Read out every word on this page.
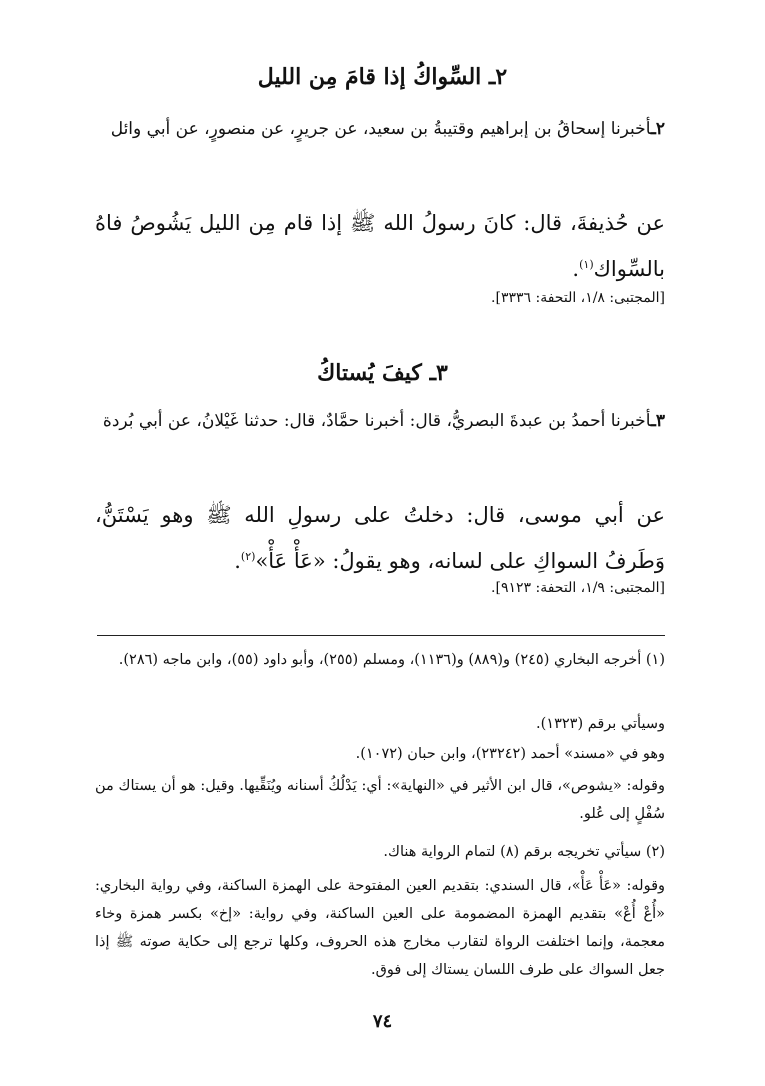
٢ـ السِّواكُ إذا قامَ مِن الليل

٢ـأخبرنا إسحاقُ بن إبراهيم وقتيبةُ بن سعيد، عن جريرٍ، عن منصورٍ، عن أبي وائل

عن حُذيفةَ، قال: كانَ رسولُ الله ﷺ إذا قام مِن الليل يَشُوصُ فاهُ بالسِّواك$^{(١)}$.

[المجتبى: ١/٨، التحفة: ٣٣٣٦].

٣ـ كيفَ يُستاكُ

٣ـأخبرنا أحمدُ بن عبدةَ البصريُّ، قال: أخبرنا حمَّادٌ، قال: حدثنا غَيْلانُ، عن أبي بُردة

عن أبي موسى، قال: دخلتُ على رسولِ الله ﷺ وهو يَسْتَنُّ، وَطَرفُ السواكِ على لسانه، وهو يقولُ: «عَأْ عَأْ»$^{(٢)}$.

[المجتبى: ١/٩، التحفة: ٩١٢٣].

(١) أخرجه البخاري (٢٤٥) و(٨٨٩) و(١١٣٦)، ومسلم (٢٥٥)، وأبو داود (٥٥)، وابن ماجه (٢٨٦).

وسيأتي برقم (١٣٢٣).

وهو في «مسند» أحمد (٢٣٢٤٢)، وابن حبان (١٠٧٢).

وقوله: «يشوص»، قال ابن الأثير في «النهاية»: أي: يَدْلُكُ أسنانه ويُنَقِّيها. وقيل: هو أن يستاك من سُفْلٍ إلى عُلو.

(٢) سيأتي تخريجه برقم (٨) لتمام الرواية هناك.

وقوله: «عَأْ عَأْ»، قال السندي: بتقديم العين المفتوحة على الهمزة الساكنة، وفي رواية البخاري: «أُعْ أُعْ» بتقديم الهمزة المضمومة على العين الساكنة، وفي رواية: «إخ» بكسر همزة وخاء معجمة، وإنما اختلفت الرواة لتقارب مخارج هذه الحروف، وكلها ترجع إلى حكاية صوته ﷺ إذا جعل السواك على طرف اللسان يستاك إلى فوق.

٧٤
